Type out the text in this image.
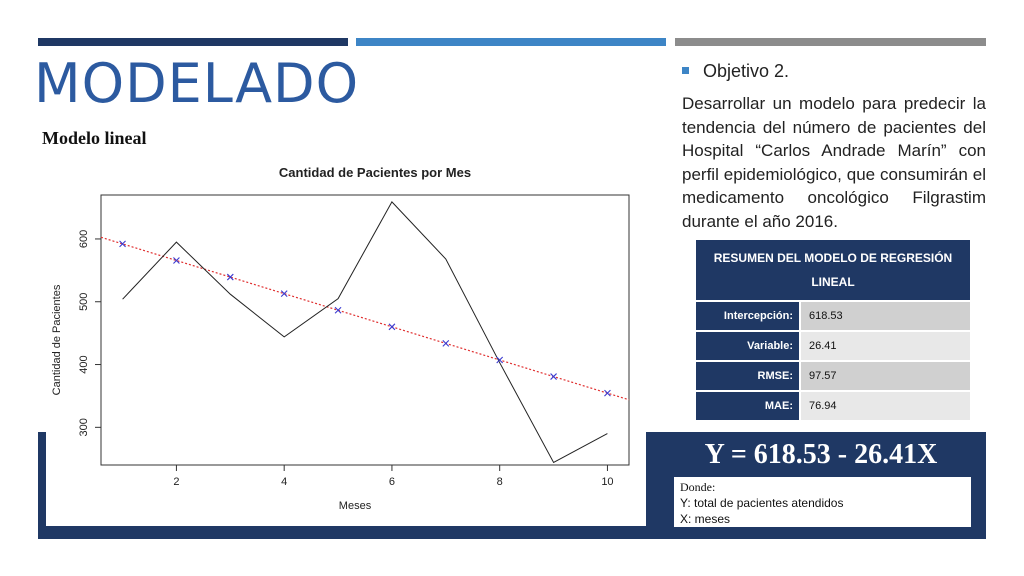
MODELADO
Modelo lineal
Cantidad de Pacientes por Mes
2	4	6	8	10
300
400
500
600
Meses
Cantidad de Pacientes
Objetivo 2.

Desarrollar un modelo para predecir la tendencia del número de pacientes del Hospital “Carlos Andrade Marín” con perfil epidemiológico, que consumirán el medicamento oncológico Filgrastim durante el año 2016.

RESUMEN DEL MODELO DE REGRESIÓN LINEAL	
Intercepción:	618.53
Variable:	26.41
RMSE:	97.57
MAE:	76.94
Y = 618.53 - 26.41X
Donde:
Y: total de pacientes atendidos
X: meses
